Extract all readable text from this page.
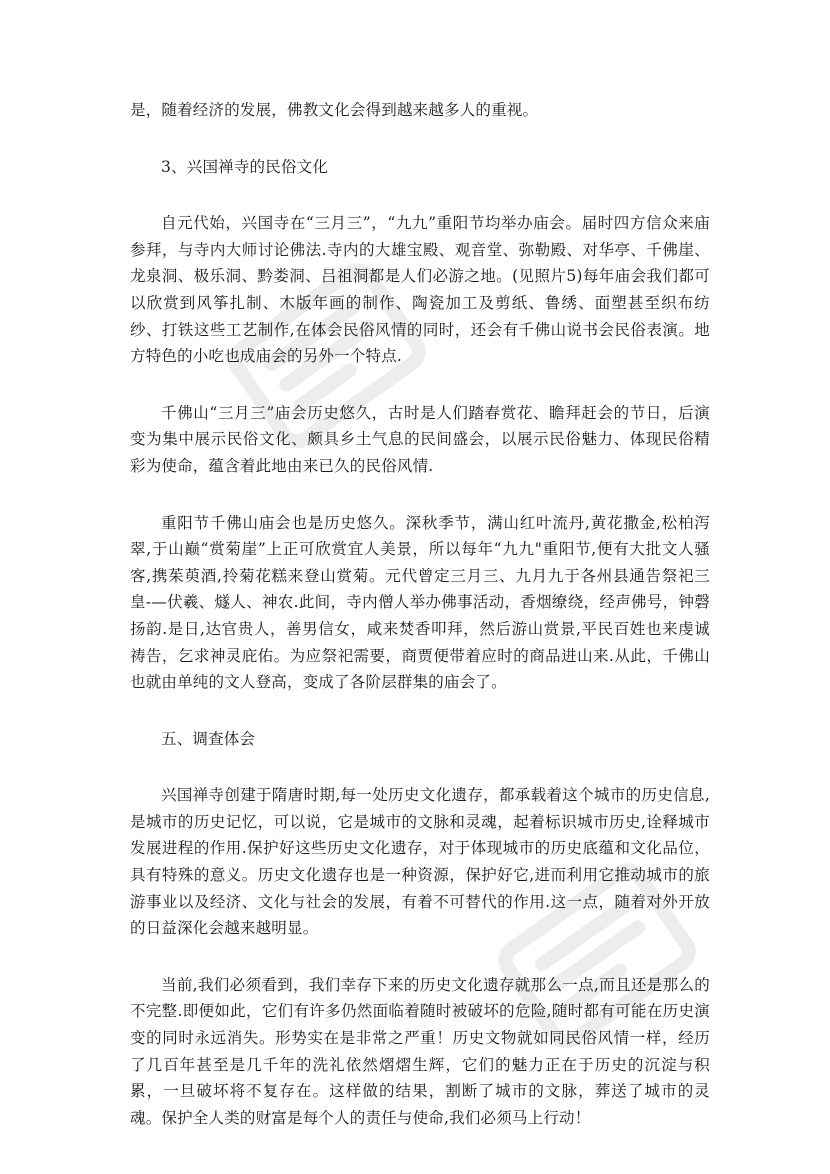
是，随着经济的发展，佛教文化会得到越来越多人的重视。

3、兴国禅寺的民俗文化

自元代始，兴国寺在“三月三”，“九九”重阳节均举办庙会。届时四方信众来庙参拜，与寺内大师讨论佛法.寺内的大雄宝殿、观音堂、弥勒殿、对华亭、千佛崖、龙泉洞、极乐洞、黔娄洞、吕祖洞都是人们必游之地。(见照片5)每年庙会我们都可以欣赏到风筝扎制、木版年画的制作、陶瓷加工及剪纸、鲁绣、面塑甚至织布纺纱、打铁这些工艺制作,在体会民俗风情的同时，还会有千佛山说书会民俗表演。地方特色的小吃也成庙会的另外一个特点.

千佛山“三月三”庙会历史悠久，古时是人们踏春赏花、瞻拜赶会的节日，后演变为集中展示民俗文化、颇具乡土气息的民间盛会，以展示民俗魅力、体现民俗精彩为使命，蕴含着此地由来已久的民俗风情.

重阳节千佛山庙会也是历史悠久。深秋季节，满山红叶流丹,黄花撒金,松柏泻翠,于山巅“赏菊崖”上正可欣赏宜人美景，所以每年“九九"重阳节,便有大批文人骚客,携茱萸酒,拎菊花糕来登山赏菊。元代曾定三月三、九月九于各州县通告祭祀三皇-—伏羲、燧人、神农.此间，寺内僧人举办佛事活动，香烟缭绕，经声佛号，钟磬扬韵.是日,达官贵人，善男信女，咸来焚香叩拜，然后游山赏景,平民百姓也来虔诚祷告，乞求神灵庇佑。为应祭祀需要，商贾便带着应时的商品进山来.从此，千佛山也就由单纯的文人登高，变成了各阶层群集的庙会了。

五、调查体会

兴国禅寺创建于隋唐时期,每一处历史文化遗存，都承载着这个城市的历史信息,是城市的历史记忆，可以说，它是城市的文脉和灵魂，起着标识城市历史,诠释城市发展进程的作用.保护好这些历史文化遗存，对于体现城市的历史底蕴和文化品位，具有特殊的意义。历史文化遗存也是一种资源，保护好它,进而利用它推动城市的旅游事业以及经济、文化与社会的发展，有着不可替代的作用.这一点，随着对外开放的日益深化会越来越明显。

当前,我们必须看到，我们幸存下来的历史文化遗存就那么一点,而且还是那么的不完整.即便如此，它们有许多仍然面临着随时被破坏的危险,随时都有可能在历史演变的同时永远消失。形势实在是非常之严重！历史文物就如同民俗风情一样，经历了几百年甚至是几千年的洗礼依然熠熠生辉，它们的魅力正在于历史的沉淀与积累，一旦破坏将不复存在。这样做的结果，割断了城市的文脉，葬送了城市的灵魂。保护全人类的财富是每个人的责任与使命,我们必须马上行动！
